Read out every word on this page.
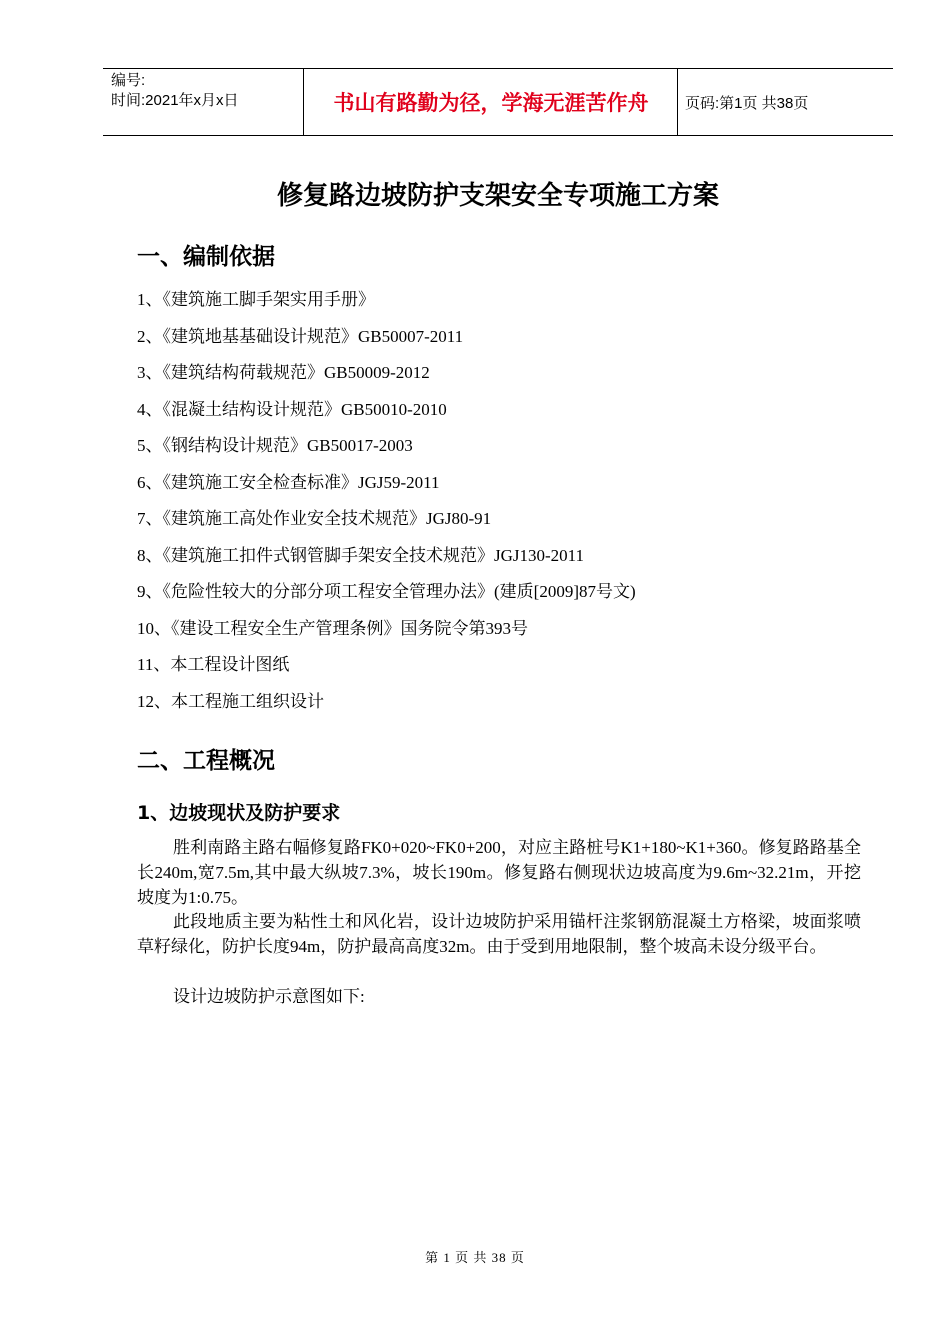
编号:
时间:2021年x月x日	书山有路勤为径，学海无涯苦作舟	页码:第1页 共38页
修复路边坡防护支架安全专项施工方案
一、编制依据
1、《建筑施工脚手架实用手册》
2、《建筑地基基础设计规范》GB50007-2011
3、《建筑结构荷载规范》GB50009-2012
4、《混凝土结构设计规范》GB50010-2010
5、《钢结构设计规范》GB50017-2003
6、《建筑施工安全检查标准》JGJ59-2011
7、《建筑施工高处作业安全技术规范》JGJ80-91
8、《建筑施工扣件式钢管脚手架安全技术规范》JGJ130-2011
9、《危险性较大的分部分项工程安全管理办法》(建质[2009]87号文)
10、《建设工程安全生产管理条例》国务院令第393号
11、本工程设计图纸
12、本工程施工组织设计
二、工程概况
1、边坡现状及防护要求
胜利南路主路右幅修复路FK0+020~FK0+200，对应主路桩号K1+180~K1+360。修复路路基全长240m,宽7.5m,其中最大纵坡7.3%，坡长190m。修复路右侧现状边坡高度为9.6m~32.21m，开挖坡度为1:0.75。
此段地质主要为粘性土和风化岩，设计边坡防护采用锚杆注浆钢筋混凝土方格梁，坡面浆喷草籽绿化，防护长度94m，防护最高高度32m。由于受到用地限制，整个坡高未设分级平台。
设计边坡防护示意图如下:
第 1 页 共 38 页
